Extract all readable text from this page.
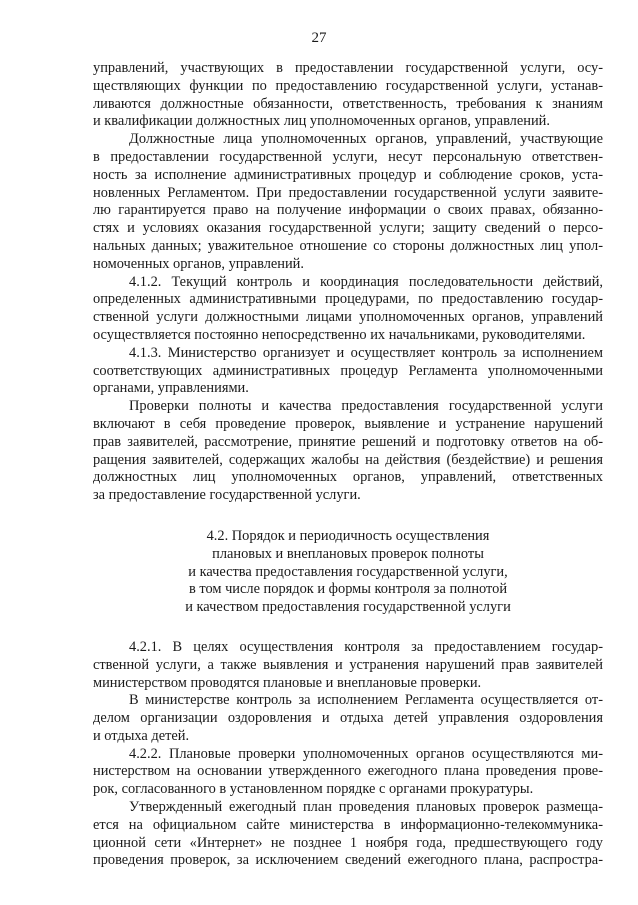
27
управлений, участвующих в предоставлении государственной услуги, осу-
ществляющих функции по предоставлению государственной услуги, устанав-
ливаются должностные обязанности, ответственность, требования к знаниям
и квалификации должностных лиц уполномоченных органов, управлений.
Должностные лица уполномоченных органов, управлений, участвующие
в предоставлении государственной услуги, несут персональную ответствен-
ность за исполнение административных процедур и соблюдение сроков, уста-
новленных Регламентом. При предоставлении государственной услуги заявите-
лю гарантируется право на получение информации о своих правах, обязанно-
стях и условиях оказания государственной услуги; защиту сведений о персо-
нальных данных; уважительное отношение со стороны должностных лиц упол-
номоченных органов, управлений.
4.1.2. Текущий контроль и координация последовательности действий,
определенных административными процедурами, по предоставлению государ-
ственной услуги должностными лицами уполномоченных органов, управлений
осуществляется постоянно непосредственно их начальниками, руководителями.
4.1.3. Министерство организует и осуществляет контроль за исполнением
соответствующих административных процедур Регламента уполномоченными
органами, управлениями.
Проверки полноты и качества предоставления государственной услуги
включают в себя проведение проверок, выявление и устранение нарушений
прав заявителей, рассмотрение, принятие решений и подготовку ответов на об-
ращения заявителей, содержащих жалобы на действия (бездействие) и решения
должностных лиц уполномоченных органов, управлений, ответственных
за предоставление государственной услуги.
4.2. Порядок и периодичность осуществления
плановых и внеплановых проверок полноты
и качества предоставления государственной услуги,
в том числе порядок и формы контроля за полнотой
и качеством предоставления государственной услуги
4.2.1. В целях осуществления контроля за предоставлением государ-
ственной услуги, а также выявления и устранения нарушений прав заявителей
министерством проводятся плановые и внеплановые проверки.
В министерстве контроль за исполнением Регламента осуществляется от-
делом организации оздоровления и отдыха детей управления оздоровления
и отдыха детей.
4.2.2. Плановые проверки уполномоченных органов осуществляются ми-
нистерством на основании утвержденного ежегодного плана проведения прове-
рок, согласованного в установленном порядке с органами прокуратуры.
Утвержденный ежегодный план проведения плановых проверок размеща-
ется на официальном сайте министерства в информационно-телекоммуника-
ционной сети «Интернет» не позднее 1 ноября года, предшествующего году
проведения проверок, за исключением сведений ежегодного плана, распростра-
